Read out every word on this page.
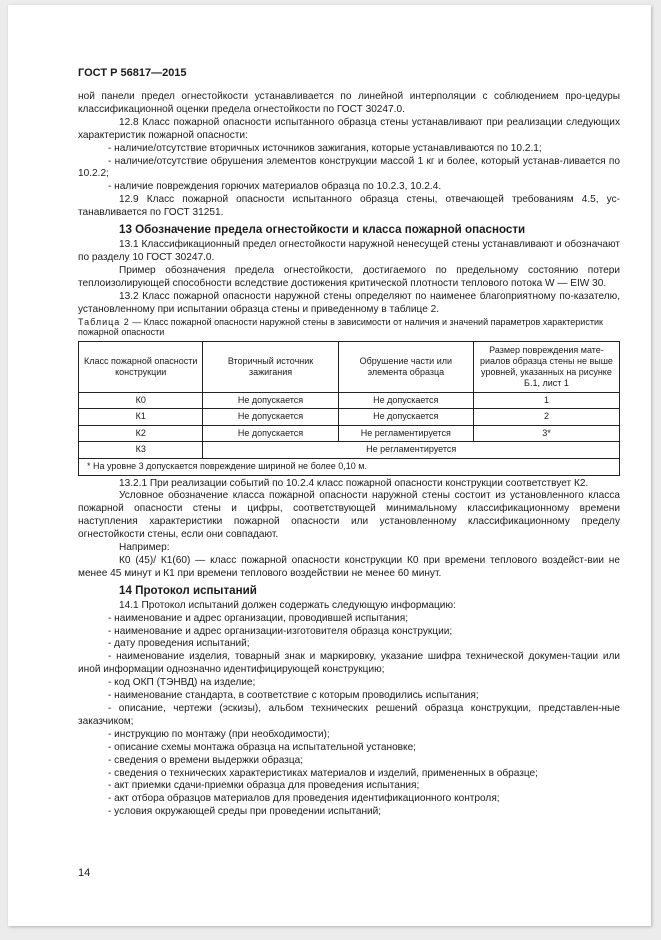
ГОСТ Р 56817—2015

ной панели предел огнестойкости устанавливается по линейной интерполяции с соблюдением про-цедуры классификационной оценки предела огнестойкости по ГОСТ 30247.0.

12.8 Класс пожарной опасности испытанного образца стены устанавливают при реализации следующих характеристик пожарной опасности:

- наличие/отсутствие вторичных источников зажигания, которые устанавливаются по 10.2.1;

- наличие/отсутствие обрушения элементов конструкции массой 1 кг и более, который устанав-ливается по 10.2.2;

- наличие повреждения горючих материалов образца по 10.2.3, 10.2.4.

12.9 Класс пожарной опасности испытанного образца стены, отвечающей требованиям 4.5, ус-танавливается по ГОСТ 31251.

13 Обозначение предела огнестойкости и класса пожарной опасности

13.1 Классификационный предел огнестойкости наружной ненесущей стены устанавливают и обозначают по разделу 10 ГОСТ 30247.0.

Пример обозначения предела огнестойкости, достигаемого по предельному состоянию потери теплоизолирующей способности вследствие достижения критической плотности теплового потока W — EIW 30.

13.2 Класс пожарной опасности наружной стены определяют по наименее благоприятному по-казателю, установленному при испытании образца стены и приведенному в таблице 2.

Таблица 2 — Класс пожарной опасности наружной стены в зависимости от наличия и значений параметров характеристик пожарной опасности

Класс пожарной опасности конструкции	Вторичный источник зажигания	Обрушение части или элемента образца	Размер повреждения мате-риалов образца стены не выше уровней, указанных на рисунке Б.1, лист 1
К0	Не допускается	Не допускается	1
К1	Не допускается	Не допускается	2
К2	Не допускается	Не регламентируется	3*
К3	Не регламентируется		
* На уровне 3 допускается повреждение шириной не более 0,10 м.			

13.2.1 При реализации событий по 10.2.4 класс пожарной опасности конструкции соответствует К2.

Условное обозначение класса пожарной опасности наружной стены состоит из установленного класса пожарной опасности стены и цифры, соответствующей минимальному классификационному времени наступления характеристики пожарной опасности или установленному классификационному пределу огнестойкости стены, если они совпадают.

Например:

К0 (45)/ К1(60) — класс пожарной опасности конструкции К0 при времени теплового воздейст-вии не менее 45 минут и К1 при времени теплового воздействии не менее 60 минут.

14 Протокол испытаний

14.1 Протокол испытаний должен содержать следующую информацию:

- наименование и адрес организации, проводившей испытания;

- наименование и адрес организации-изготовителя образца конструкции;

- дату проведения испытаний;

- наименование изделия, товарный знак и маркировку, указание шифра технической докумен-тации или иной информации однозначно идентифицирующей конструкцию;

- код ОКП (ТЭНВД) на изделие;

- наименование стандарта, в соответствие с которым проводились испытания;

- описание, чертежи (эскизы), альбом технических решений образца конструкции, представлен-ные заказчиком;

- инструкцию по монтажу (при необходимости);

- описание схемы монтажа образца на испытательной установке;

- сведения о времени выдержки образца;

- сведения о технических характеристиках материалов и изделий, примененных в образце;

- акт приемки сдачи-приемки образца для проведения испытания;

- акт отбора образцов материалов для проведения идентификационного контроля;

- условия окружающей среды при проведении испытаний;

14
